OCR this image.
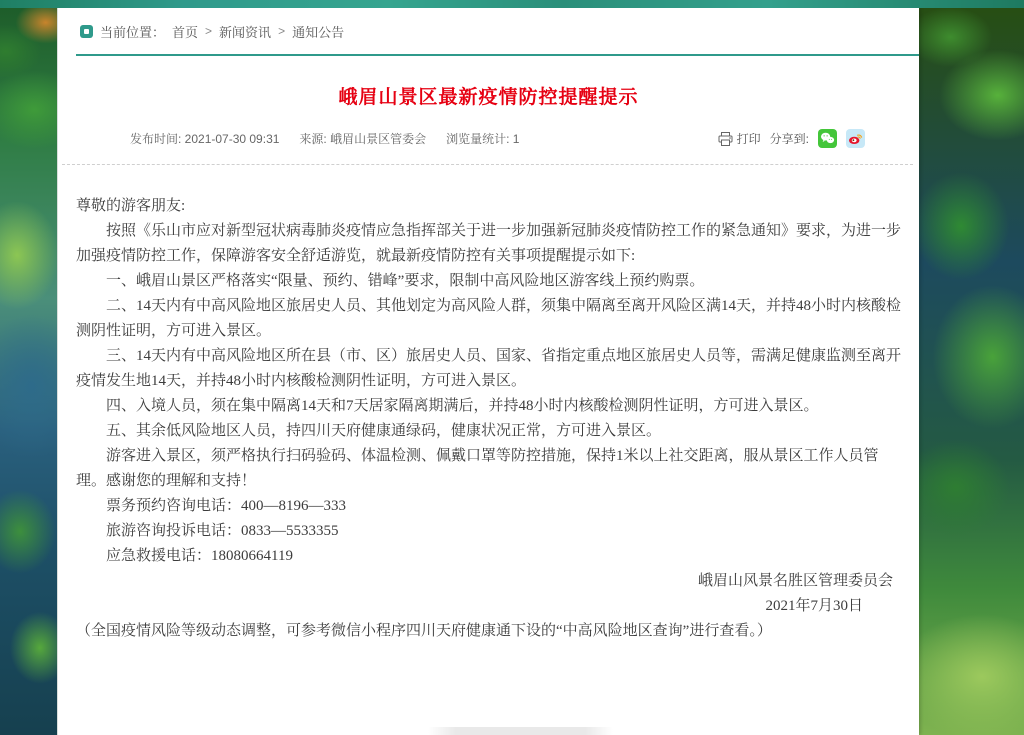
当前位置： 首页 > 新闻资讯 > 通知公告
峨眉山景区最新疫情防控提醒提示
发布时间: 2021-07-30 09:31 来源: 峨眉山景区管委会 浏览量统计: 1	打印 分享到:

尊敬的游客朋友:

按照《乐山市应对新型冠状病毒肺炎疫情应急指挥部关于进一步加强新冠肺炎疫情防控工作的紧急通知》要求，为进一步加强疫情防控工作，保障游客安全舒适游览，就最新疫情防控有关事项提醒提示如下:

一、峨眉山景区严格落实“限量、预约、错峰”要求，限制中高风险地区游客线上预约购票。

二、14天内有中高风险地区旅居史人员、其他划定为高风险人群，须集中隔离至离开风险区满14天，并持48小时内核酸检测阴性证明，方可进入景区。

三、14天内有中高风险地区所在县（市、区）旅居史人员、国家、省指定重点地区旅居史人员等，需满足健康监测至离开疫情发生地14天，并持48小时内核酸检测阴性证明，方可进入景区。

四、入境人员，须在集中隔离14天和7天居家隔离期满后，并持48小时内核酸检测阴性证明，方可进入景区。

五、其余低风险地区人员，持四川天府健康通绿码，健康状况正常，方可进入景区。

游客进入景区，须严格执行扫码验码、体温检测、佩戴口罩等防控措施，保持1米以上社交距离，服从景区工作人员管理。感谢您的理解和支持！

票务预约咨询电话：400—8196—333

旅游咨询投诉电话：0833—5533355

应急救援电话：18080664119

峨眉山风景名胜区管理委员会

2021年7月30日

（全国疫情风险等级动态调整，可参考微信小程序四川天府健康通下设的“中高风险地区查询”进行查看。）
